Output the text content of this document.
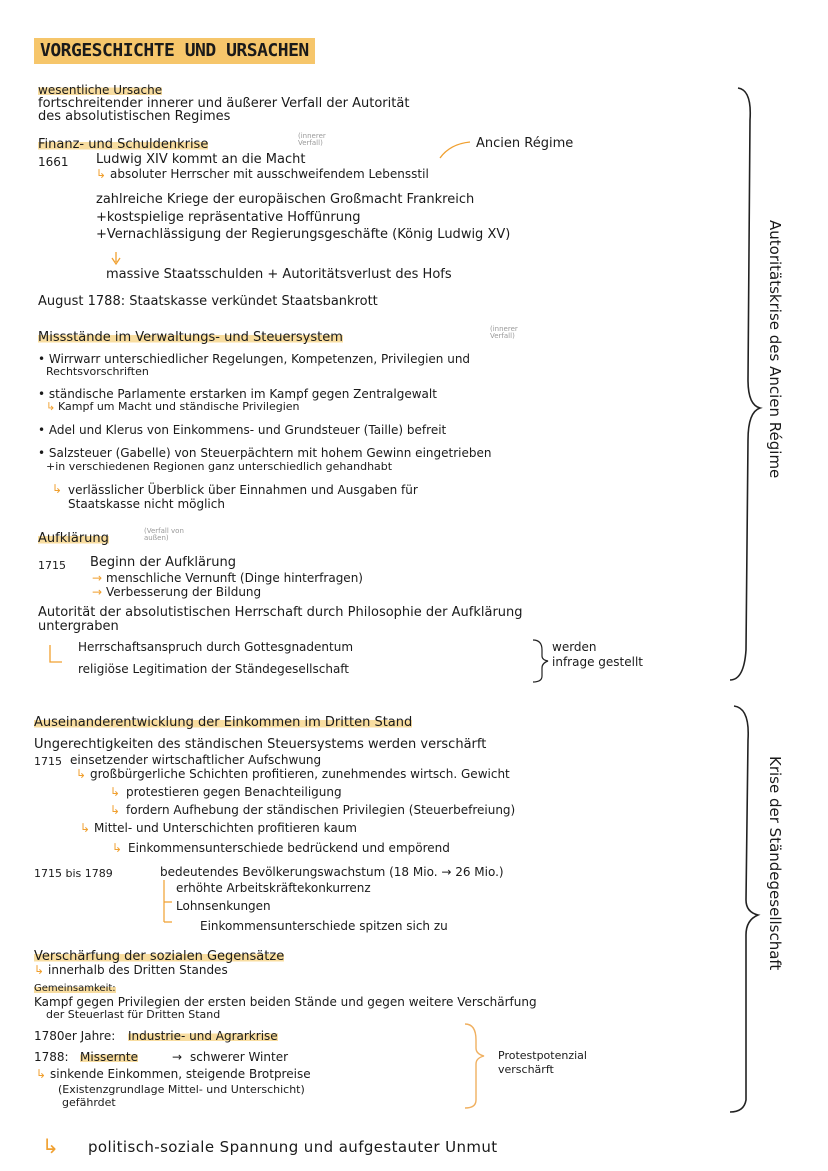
VORGESCHICHTE UND URSACHEN
wesentliche Ursache
fortschreitender innerer und äußerer Verfall der Autorität
des absolutistischen Regimes
Finanz- und Schuldenkrise
(innerer Verfall)	Ancien Régime
1661 Ludwig XIV kommt an die Macht
↳ absoluter Herrscher mit ausschweifendem Lebensstil
zahlreiche Kriege der europäischen Großmacht Frankreich
+kostspielige repräsentative Hoffünrung
+Vernachlässigung der Regierungsgeschäfte (König Ludwig XV)
massive Staatsschulden + Autoritätsverlust des Hofs
August 1788: Staatskasse verkündet Staatsbankrott
Missstände im Verwaltungs- und Steuersystem
(innerer Verfall)
• Wirrwarr unterschiedlicher Regelungen, Kompetenzen, Privilegien und
Rechtsvorschriften
• ständische Parlamente erstarken im Kampf gegen Zentralgewalt
↳ Kampf um Macht und ständische Privilegien
• Adel und Klerus von Einkommens- und Grundsteuer (Taille) befreit
• Salzsteuer (Gabelle) von Steuerpächtern mit hohem Gewinn eingetrieben
+in verschiedenen Regionen ganz unterschiedlich gehandhabt
↳ verlässlicher Überblick über Einnahmen und Ausgaben für
Staatskasse nicht möglich
Aufklärung	(Verfall von außen)
1715 Beginn der Aufklärung
→ menschliche Vernunft (Dinge hinterfragen)
→ Verbesserung der Bildung
Autorität der absolutistischen Herrschaft durch Philosophie der Aufklärung
untergraben
Herrschaftsanspruch durch Gottesgnadentum
religiöse Legitimation der Ständegesellschaft
werden
infrage gestellt
Autoritätskrise des Ancien Régime
Auseinanderentwicklung der Einkommen im Dritten Stand
Ungerechtigkeiten des ständischen Steuersystems werden verschärft
1715 einsetzender wirtschaftlicher Aufschwung
↳ großbürgerliche Schichten profitieren, zunehmendes wirtsch. Gewicht
↳ protestieren gegen Benachteiligung
↳ fordern Aufhebung der ständischen Privilegien (Steuerbefreiung)
↳ Mittel- und Unterschichten profitieren kaum
↳ Einkommensunterschiede bedrückend und empörend
1715 bis 1789	bedeutendes Bevölkerungswachstum (18 Mio. → 26 Mio.)
erhöhte Arbeitskräftekonkurrenz
Lohnsenkungen
Einkommensunterschiede spitzen sich zu
Verschärfung der sozialen Gegensätze
↳ innerhalb des Dritten Standes
Gemeinsamkeit:
Kampf gegen Privilegien der ersten beiden Stände und gegen weitere Verschärfung
der Steuerlast für Dritten Stand
1780er Jahre: Industrie- und Agrarkrise
1788: Missernte	→ schwerer Winter
↳ sinkende Einkommen, steigende Brotpreise
(Existenzgrundlage Mittel- und Unterschicht)
gefährdet
Protestpotenzial
verschärft
Krise der Ständegesellschaft
↳ politisch-soziale Spannung und aufgestauter Unmut
